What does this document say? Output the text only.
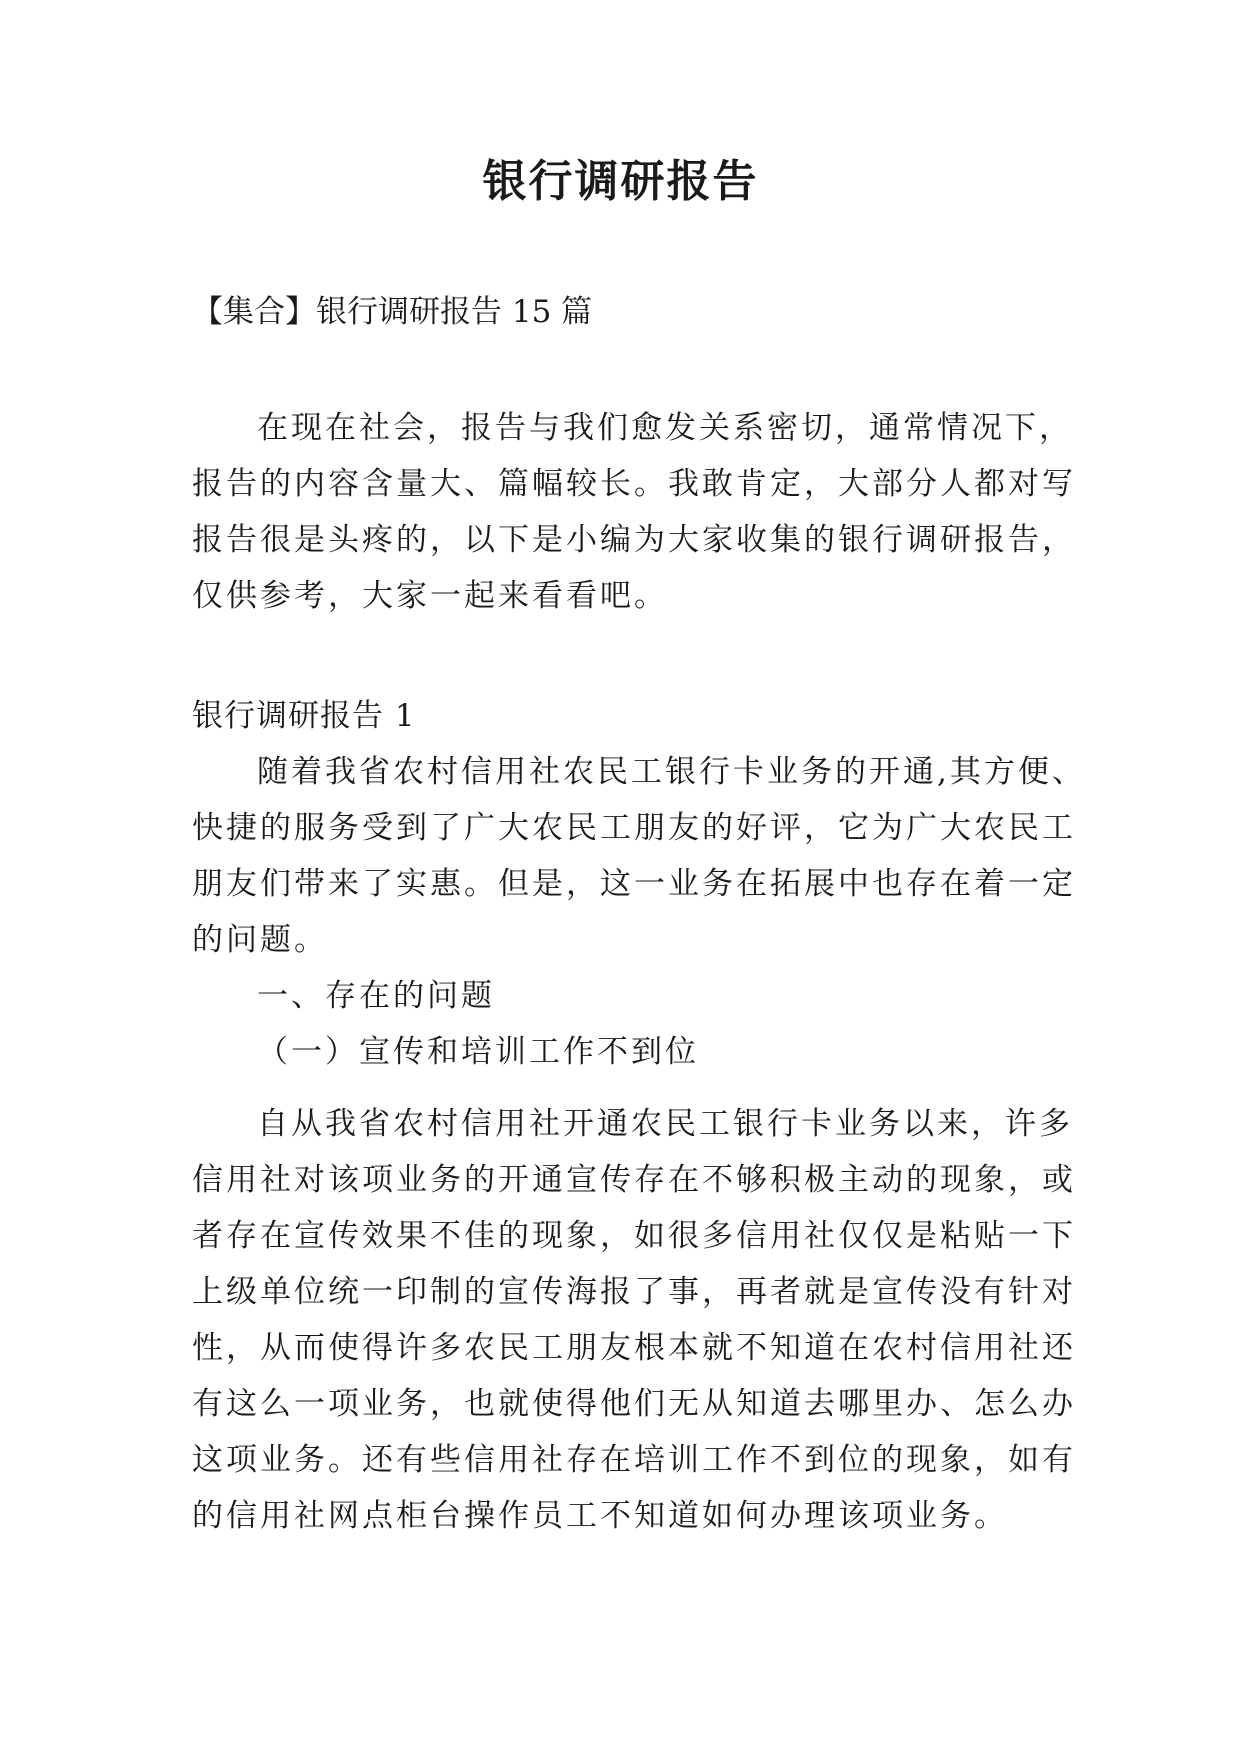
银行调研报告
【集合】银行调研报告 15 篇
在现在社会，报告与我们愈发关系密切，通常情况下，
报告的内容含量大、篇幅较长。我敢肯定，大部分人都对写
报告很是头疼的，以下是小编为大家收集的银行调研报告，
仅供参考，大家一起来看看吧。
银行调研报告 1
随着我省农村信用社农民工银行卡业务的开通,其方便、
快捷的服务受到了广大农民工朋友的好评，它为广大农民工
朋友们带来了实惠。但是，这一业务在拓展中也存在着一定
的问题。
一、存在的问题
（一）宣传和培训工作不到位
自从我省农村信用社开通农民工银行卡业务以来，许多
信用社对该项业务的开通宣传存在不够积极主动的现象，或
者存在宣传效果不佳的现象，如很多信用社仅仅是粘贴一下
上级单位统一印制的宣传海报了事，再者就是宣传没有针对
性，从而使得许多农民工朋友根本就不知道在农村信用社还
有这么一项业务，也就使得他们无从知道去哪里办、怎么办
这项业务。还有些信用社存在培训工作不到位的现象，如有
的信用社网点柜台操作员工不知道如何办理该项业务。
